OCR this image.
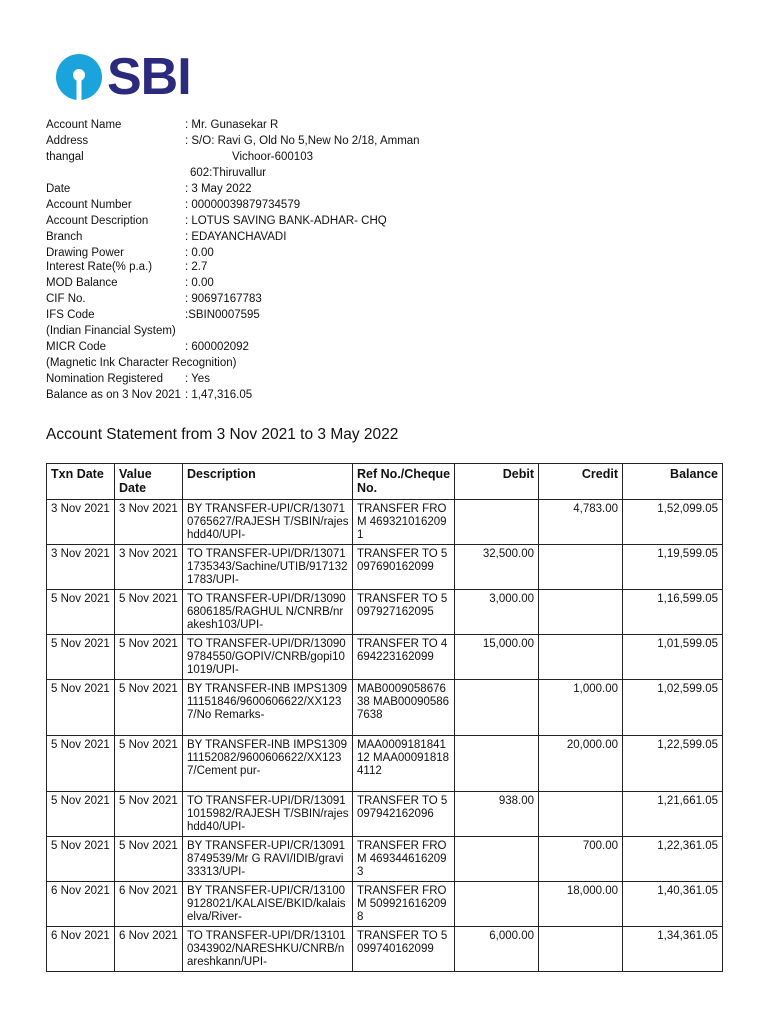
SBI
Account Name	: Mr. Gunasekar R
Address	: S/O: Ravi G, Old No 5,New No 2/18, Amman
thangal	Vichoor-600103
602:Thiruvallur
Date	: 3 May 2022
Account Number	: 00000039879734579
Account Description	: LOTUS SAVING BANK-ADHAR- CHQ
Branch	: EDAYANCHAVADI
Drawing Power	: 0.00
Interest Rate(% p.a.)	: 2.7
MOD Balance	: 0.00
CIF No.	: 90697167783
IFS Code	:SBIN0007595
(Indian Financial System)
MICR Code	: 600002092
(Magnetic Ink Character Recognition)
Nomination Registered : Yes
Balance as on 3 Nov 2021 : 1,47,316.05
Account Statement from 3 Nov 2021 to 3 May 2022
Txn Date	Value Date	Description	Ref No./Cheque No.	Debit	Credit	Balance
3 Nov 2021	3 Nov 2021	BY TRANSFER-UPI/CR/130710765627/RAJESH T/SBIN/rajeshdd40/UPI-	TRANSFER FROM 4693210162091		4,783.00	1,52,099.05
3 Nov 2021	3 Nov 2021	TO TRANSFER-UPI/DR/130711735343/Sachine/UTIB/9171321783/UPI-	TRANSFER TO 5097690162099	32,500.00		1,19,599.05
5 Nov 2021	5 Nov 2021	TO TRANSFER-UPI/DR/130906806185/RAGHUL N/CNRB/nrakesh103/UPI-	TRANSFER TO 5097927162095	3,000.00		1,16,599.05
5 Nov 2021	5 Nov 2021	TO TRANSFER-UPI/DR/130909784550/GOPIV/CNRB/gopi101019/UPI-	TRANSFER TO 4694223162099	15,000.00		1,01,599.05
5 Nov 2021	5 Nov 2021	BY TRANSFER-INB IMPS130911151846/9600606622/XX1237/No Remarks-	MAB000905867638 MAB000905867638		1,000.00	1,02,599.05
5 Nov 2021	5 Nov 2021	BY TRANSFER-INB IMPS130911152082/9600606622/XX1237/Cement pur-	MAA000918184112 MAA000918184112		20,000.00	1,22,599.05
5 Nov 2021	5 Nov 2021	TO TRANSFER-UPI/DR/130911015982/RAJESH T/SBIN/rajeshdd40/UPI-	TRANSFER TO 5097942162096	938.00		1,21,661.05
5 Nov 2021	5 Nov 2021	BY TRANSFER-UPI/CR/130918749539/Mr G RAVI/IDIB/gravi33313/UPI-	TRANSFER FROM 4693446162093		700.00	1,22,361.05
6 Nov 2021	6 Nov 2021	BY TRANSFER-UPI/CR/131009128021/KALAISE/BKID/kalaiselva/River-	TRANSFER FROM 5099216162098		18,000.00	1,40,361.05
6 Nov 2021	6 Nov 2021	TO TRANSFER-UPI/DR/131010343902/NARESHKU/CNRB/nareshkann/UPI-	TRANSFER TO 5099740162099	6,000.00		1,34,361.05
